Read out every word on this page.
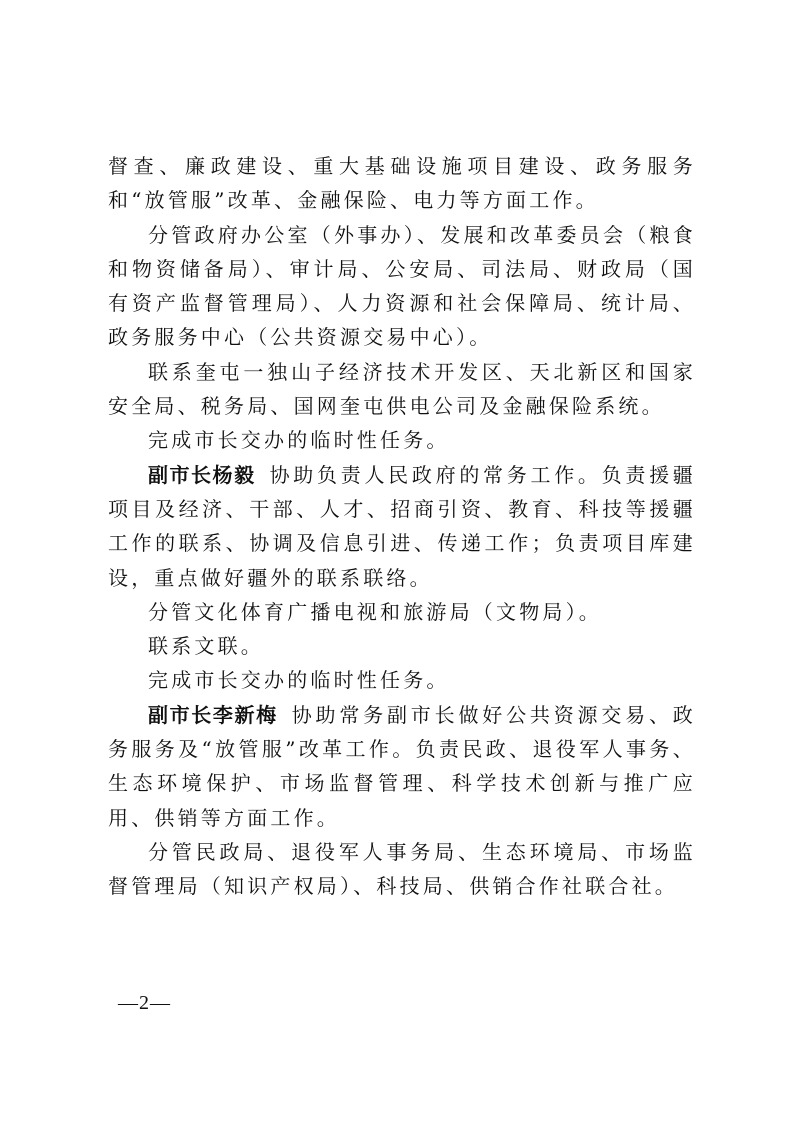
督查、廉政建设、重大基础设施项目建设、政务服务和“放管服”改革、金融保险、电力等方面工作。

分管政府办公室（外事办）、发展和改革委员会（粮食和物资储备局）、审计局、公安局、司法局、财政局（国有资产监督管理局）、人力资源和社会保障局、统计局、政务服务中心（公共资源交易中心）。

联系奎屯一独山子经济技术开发区、天北新区和国家安全局、税务局、国网奎屯供电公司及金融保险系统。

完成市长交办的临时性任务。

副市长杨毅 协助负责人民政府的常务工作。负责援疆项目及经济、干部、人才、招商引资、教育、科技等援疆工作的联系、协调及信息引进、传递工作；负责项目库建设，重点做好疆外的联系联络。

分管文化体育广播电视和旅游局（文物局）。

联系文联。

完成市长交办的临时性任务。

副市长李新梅 协助常务副市长做好公共资源交易、政务服务及“放管服”改革工作。负责民政、退役军人事务、生态环境保护、市场监督管理、科学技术创新与推广应用、供销等方面工作。

分管民政局、退役军人事务局、生态环境局、市场监督管理局（知识产权局）、科技局、供销合作社联合社。

—2—
